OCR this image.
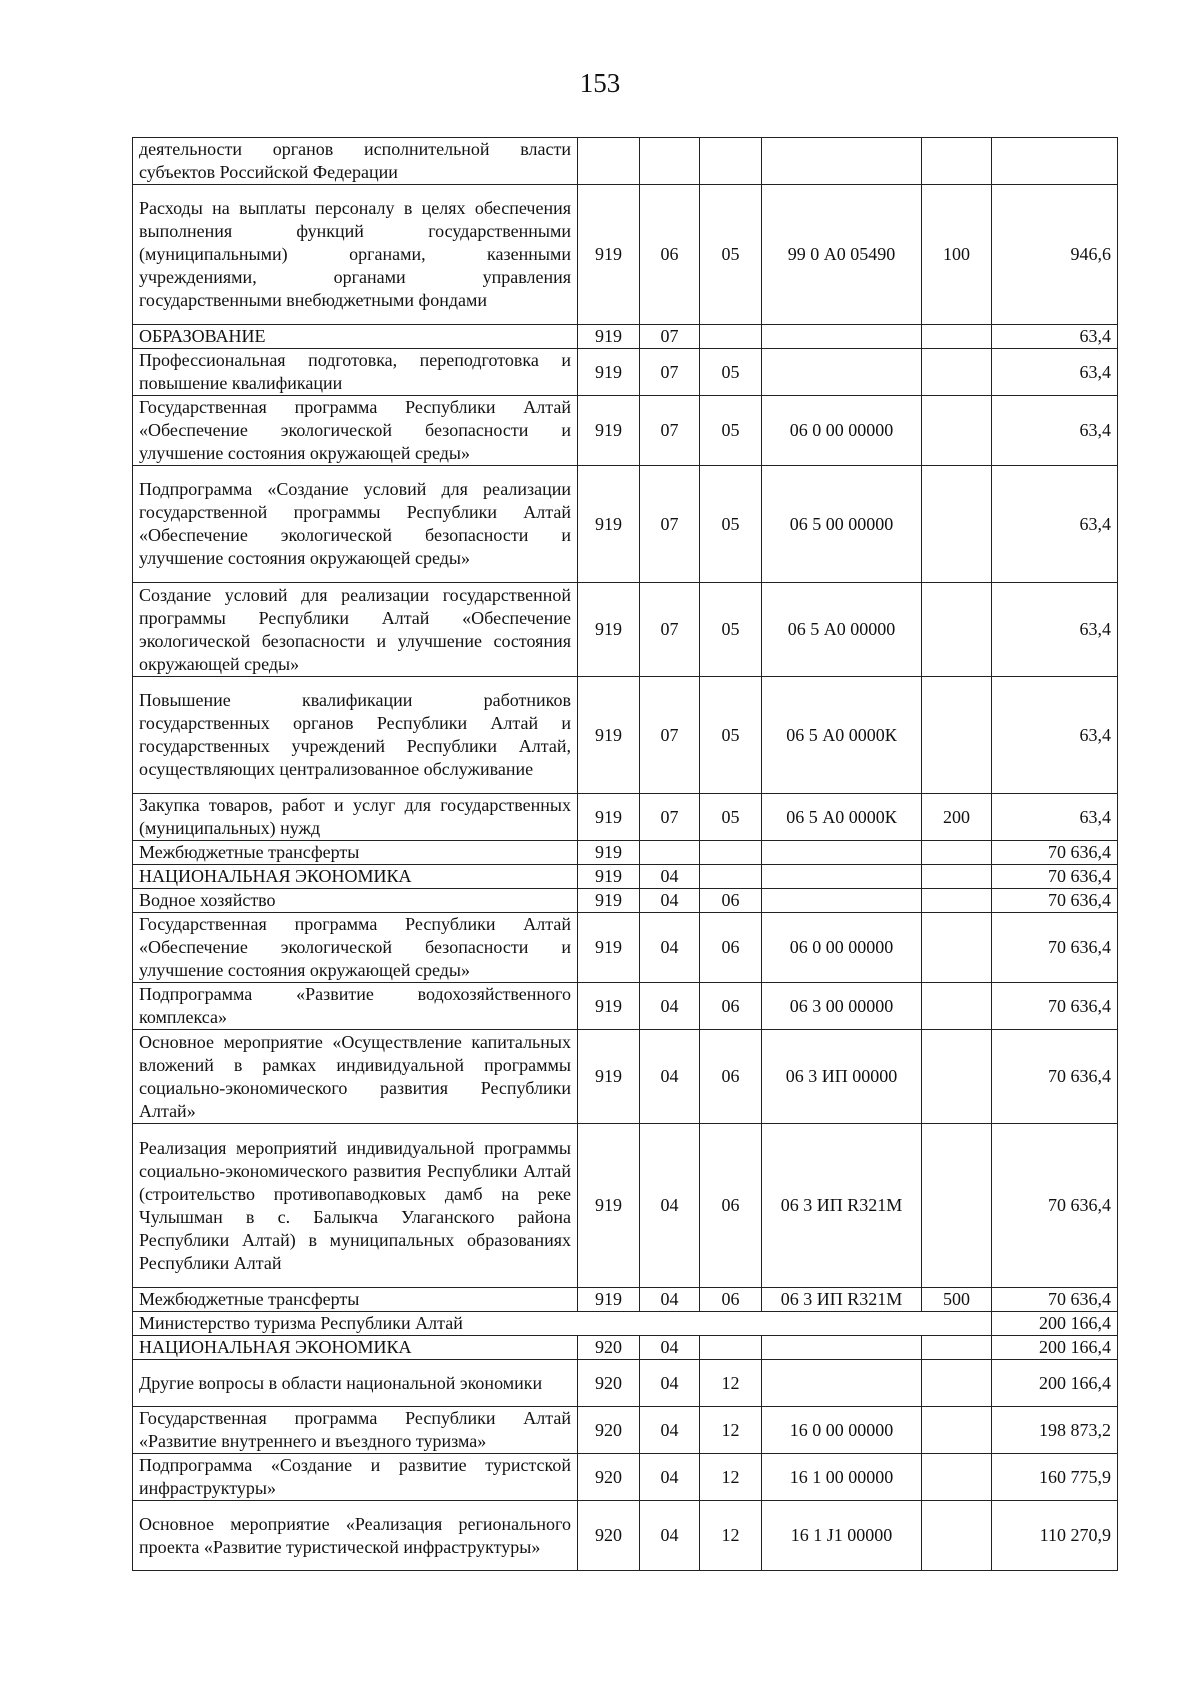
153
деятельности органов исполнительной власти субъектов Российской Федерации						
Расходы на выплаты персоналу в целях обеспечения выполнения функций государственными (муниципальными) органами, казенными учреждениями, органами управления государственными внебюджетными фондами	919	06	05	99 0 А0 05490	100	946,6
ОБРАЗОВАНИЕ	919	07				63,4
Профессиональная подготовка, переподготовка и повышение квалификации	919	07	05			63,4
Государственная программа Республики Алтай «Обеспечение экологической безопасности и улучшение состояния окружающей среды»	919	07	05	06 0 00 00000		63,4
Подпрограмма «Создание условий для реализации государственной программы Республики Алтай «Обеспечение экологической безопасности и улучшение состояния окружающей среды»	919	07	05	06 5 00 00000		63,4
Создание условий для реализации государственной программы Республики Алтай «Обеспечение экологической безопасности и улучшение состояния окружающей среды»	919	07	05	06 5 А0 00000		63,4
Повышение квалификации работников государственных органов Республики Алтай и государственных учреждений Республики Алтай, осуществляющих централизованное обслуживание	919	07	05	06 5 А0 0000К		63,4
Закупка товаров, работ и услуг для государственных (муниципальных) нужд	919	07	05	06 5 А0 0000К	200	63,4
Межбюджетные трансферты	919					70 636,4
НАЦИОНАЛЬНАЯ ЭКОНОМИКА	919	04				70 636,4
Водное хозяйство	919	04	06			70 636,4
Государственная программа Республики Алтай «Обеспечение экологической безопасности и улучшение состояния окружающей среды»	919	04	06	06 0 00 00000		70 636,4
Подпрограмма «Развитие водохозяйственного комплекса»	919	04	06	06 3 00 00000		70 636,4
Основное мероприятие «Осуществление капитальных вложений в рамках индивидуальной программы социально-экономического развития Республики Алтай»	919	04	06	06 3 ИП 00000		70 636,4
Реализация мероприятий индивидуальной программы социально-экономического развития Республики Алтай (строительство противопаводковых дамб на реке Чулышман в с. Балыкча Улаганского района Республики Алтай) в муниципальных образованиях Республики Алтай	919	04	06	06 3 ИП R321М		70 636,4
Межбюджетные трансферты	919	04	06	06 3 ИП R321М	500	70 636,4
Министерство туризма Республики Алтай						200 166,4
НАЦИОНАЛЬНАЯ ЭКОНОМИКА	920	04				200 166,4
Другие вопросы в области национальной экономики	920	04	12			200 166,4
Государственная программа Республики Алтай «Развитие внутреннего и въездного туризма»	920	04	12	16 0 00 00000		198 873,2
Подпрограмма «Создание и развитие туристской инфраструктуры»	920	04	12	16 1 00 00000		160 775,9
Основное мероприятие «Реализация регионального проекта «Развитие туристической инфраструктуры»	920	04	12	16 1 J1 00000		110 270,9
